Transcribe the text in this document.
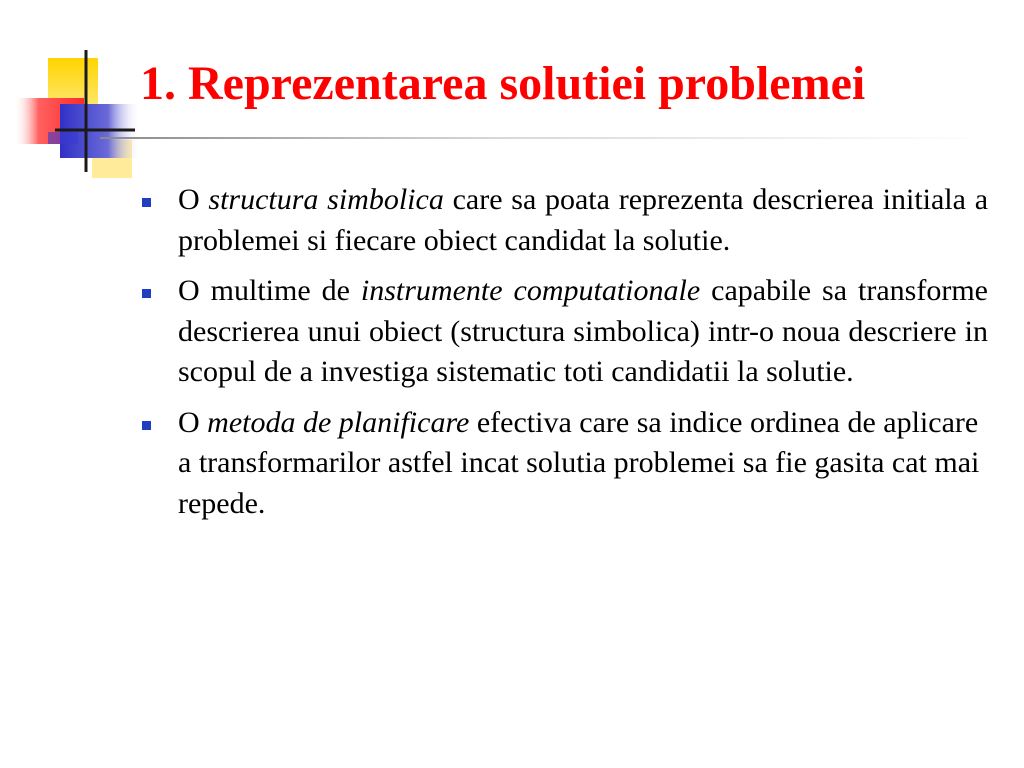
1. Reprezentarea solutiei problemei

O structura simbolica care sa poata reprezenta descrierea initiala a problemei si fiecare obiect candidat la solutie.

O multime de instrumente computationale capabile sa transforme descrierea unui obiect (structura simbolica) intr-o noua descriere in scopul de a investiga sistematic toti candidatii la solutie.

O metoda de planificare efectiva care sa indice ordinea de aplicare a transformarilor astfel incat solutia problemei sa fie gasita cat mai repede.
